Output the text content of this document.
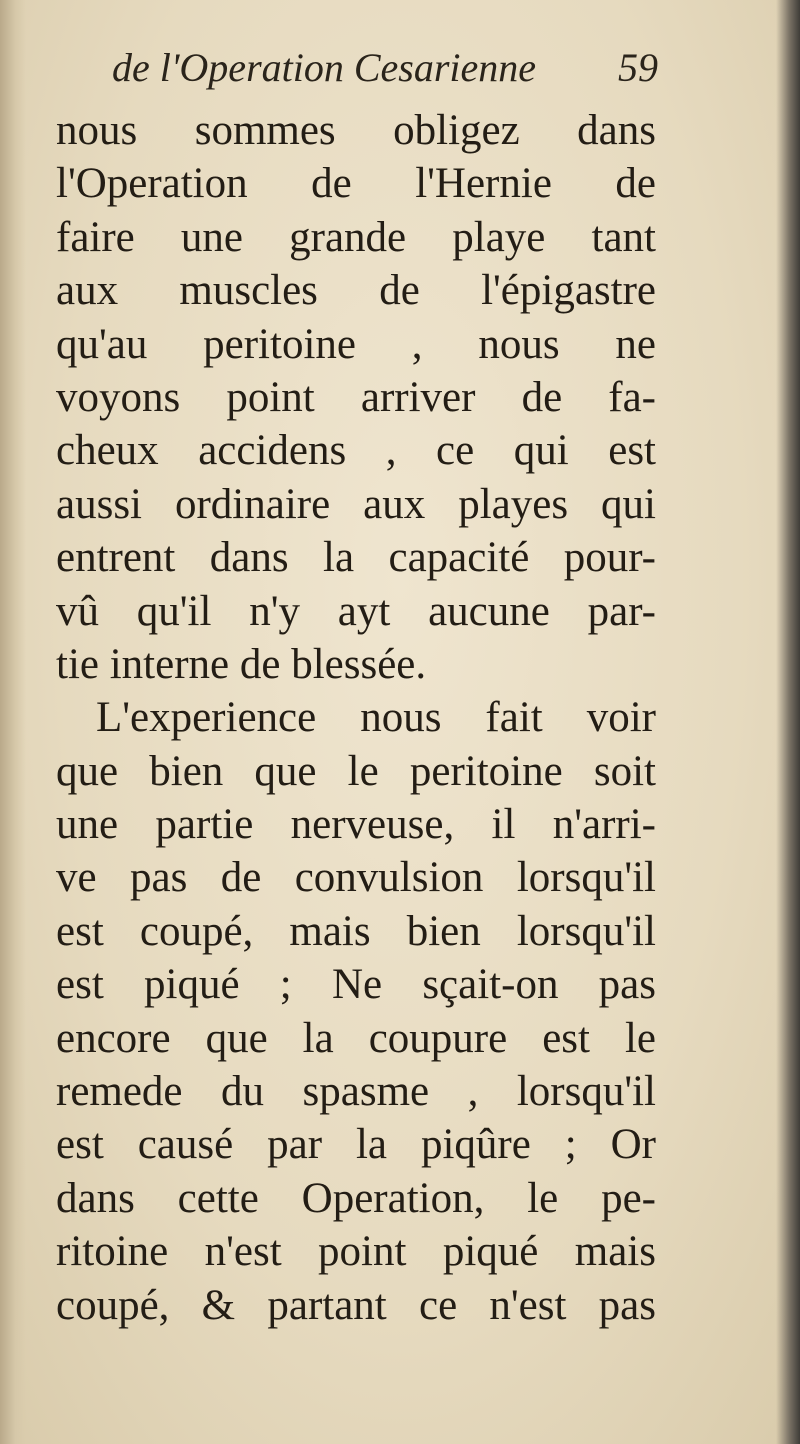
de l'Operation Cesarienne 59
nous sommes obligez dans
l'Operation de l'Hernie de
faire une grande playe tant
aux muscles de l'épigastre
qu'au peritoine , nous ne
voyons point arriver de fa-
cheux accidens , ce qui est
aussi ordinaire aux playes qui
entrent dans la capacité pour-
vû qu'il n'y ayt aucune par-
tie interne de blessée.
L'experience nous fait voir
que bien que le peritoine soit
une partie nerveuse, il n'arri-
ve pas de convulsion lorsqu'il
est coupé, mais bien lorsqu'il
est piqué ; Ne sçait-on pas
encore que la coupure est le
remede du spasme , lorsqu'il
est causé par la piqûre ; Or
dans cette Operation, le pe-
ritoine n'est point piqué mais
coupé, & partant ce n'est pas
